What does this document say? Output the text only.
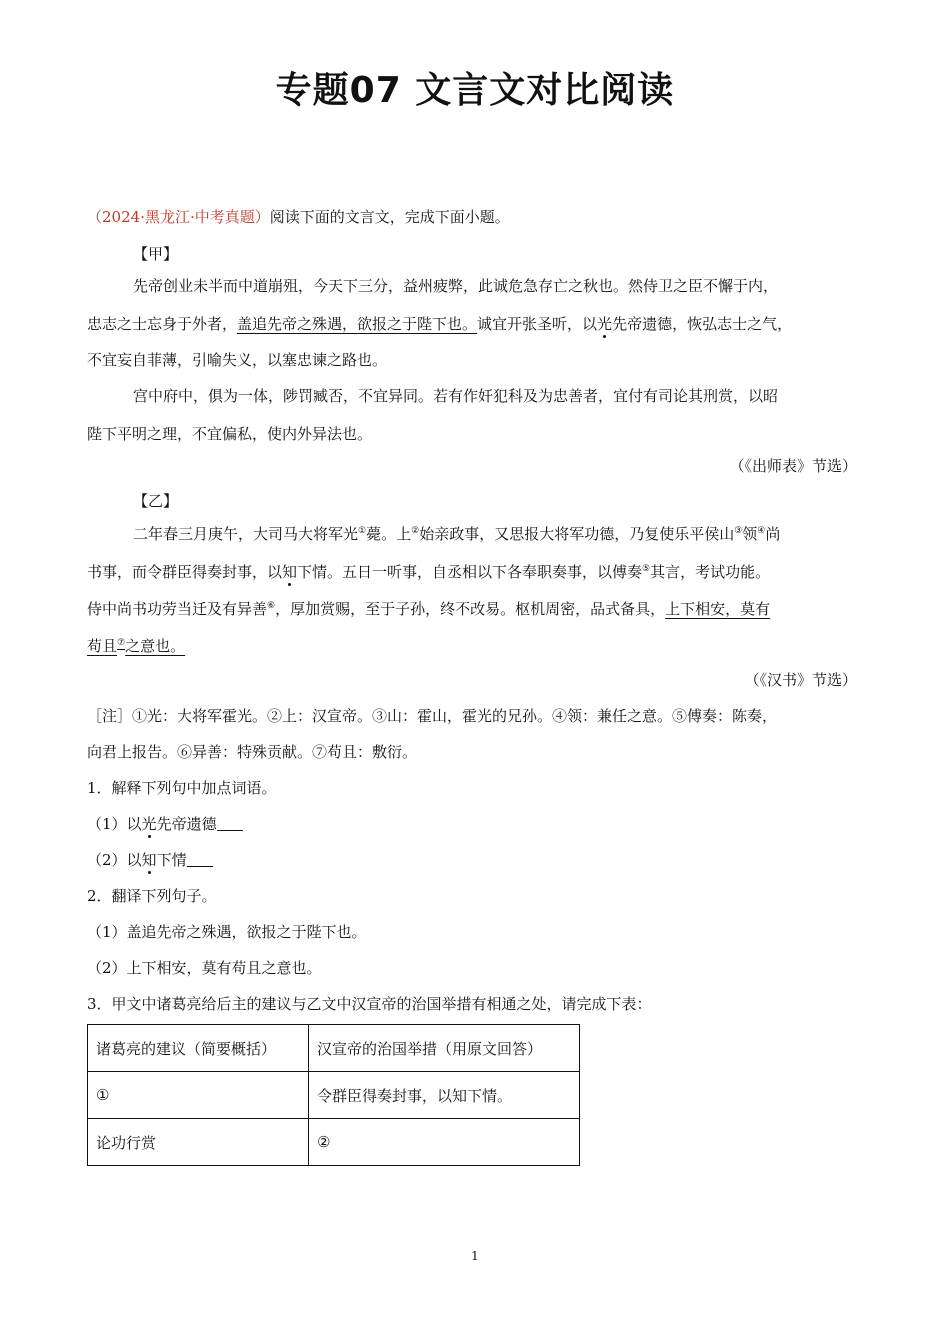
专题07 文言文对比阅读
（2024·黑龙江·中考真题）阅读下面的文言文，完成下面小题。
【甲】
先帝创业未半而中道崩殂，今天下三分，益州疲弊，此诚危急存亡之秋也。然侍卫之臣不懈于内，
忠志之士忘身于外者，盖追先帝之殊遇，欲报之于陛下也。诚宜开张圣听，以光先帝遗德，恢弘志士之气，
不宜妄自菲薄，引喻失义，以塞忠谏之路也。
宫中府中，俱为一体，陟罚臧否，不宜异同。若有作奸犯科及为忠善者，宜付有司论其刑赏，以昭
陛下平明之理，不宜偏私，使内外异法也。
（《出师表》节选）
【乙】
二年春三月庚午，大司马大将军光①薨。上②始亲政事，又思报大将军功德，乃复使乐平侯山③领④尚
书事，而令群臣得奏封事，以知下情。五日一听事，自丞相以下各奉职奏事，以傅奏⑤其言，考试功能。
侍中尚书功劳当迁及有异善⑥，厚加赏赐，至于子孙，终不改易。枢机周密，品式备具，上下相安，莫有
苟且⑦之意也。
（《汉书》节选）
［注］①光：大将军霍光。②上：汉宣帝。③山：霍山，霍光的兄孙。④领：兼任之意。⑤傅奏：陈奏，
向君上报告。⑥异善：特殊贡献。⑦苟且：敷衍。
1．解释下列句中加点词语。
（1）以光先帝遗德
（2）以知下情
2．翻译下列句子。
（1）盖追先帝之殊遇，欲报之于陛下也。
（2）上下相安，莫有苟且之意也。
3．甲文中诸葛亮给后主的建议与乙文中汉宣帝的治国举措有相通之处，请完成下表：
诸葛亮的建议（简要概括）	汉宣帝的治国举措（用原文回答）
①	令群臣得奏封事，以知下情。
论功行赏	②
1
